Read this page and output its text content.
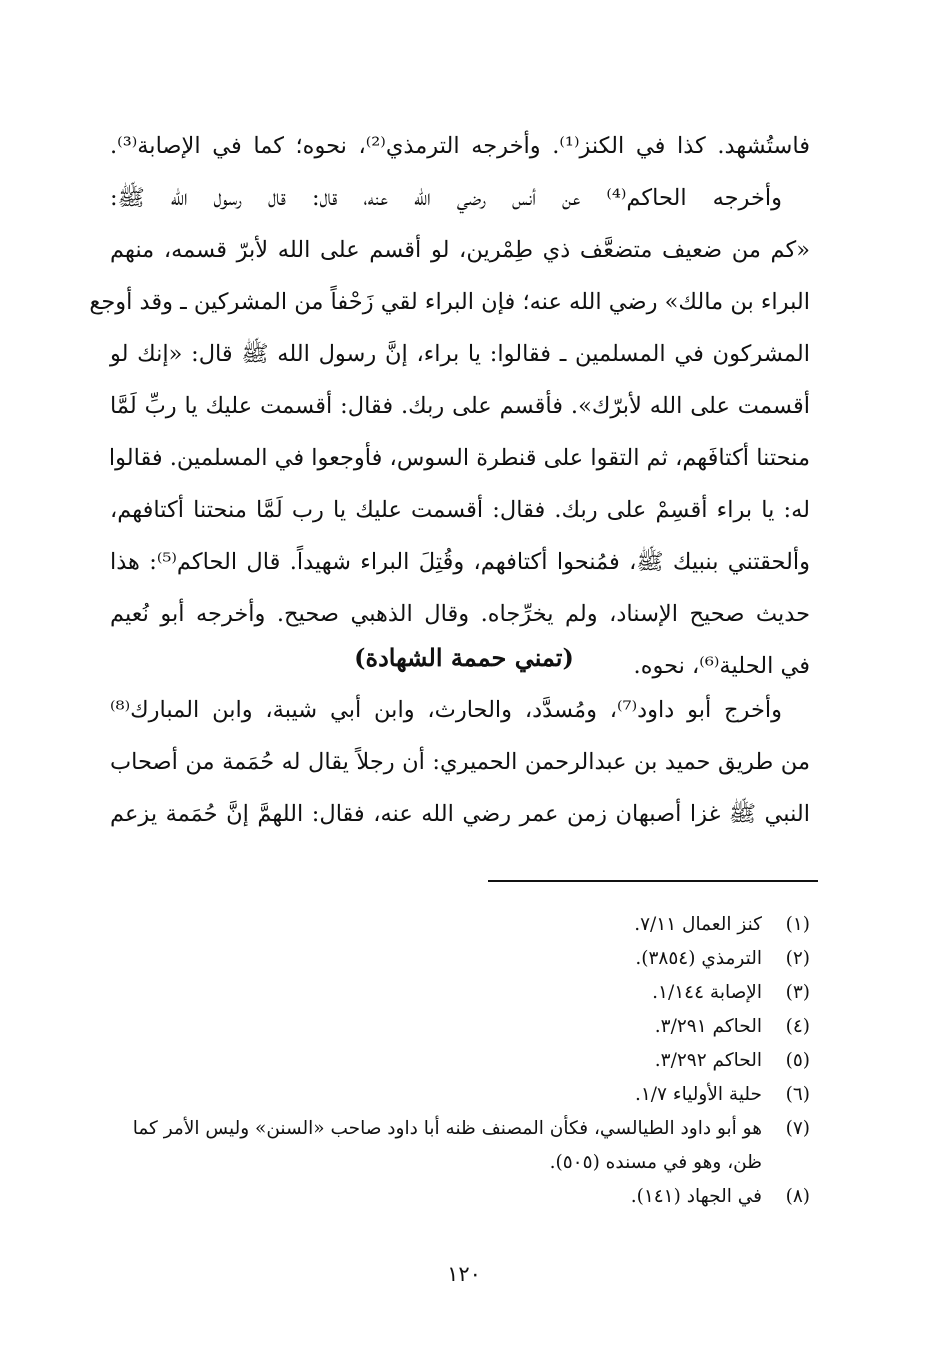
فاستُشهد. كذا في الكنز⁽¹⁾. وأخرجه الترمذي⁽²⁾، نحوه؛ كما في الإصابة⁽³⁾.
وأخرجه الحاكم⁽⁴⁾ عن أنس رضي الله عنه، قال: قال رسول الله ﷺ:
«كم من ضعيف متضعَّف ذي طِمْرين، لو أقسم على الله لأبرّ قسمه، منهم
البراء بن مالك» رضي الله عنه؛ فإن البراء لقي زَحْفاً من المشركين ـ وقد أوجع
المشركون في المسلمين ـ فقالوا: يا براء، إنَّ رسول الله ﷺ قال: «إنك لو
أقسمت على الله لأبرّك». فأقسم على ربك. فقال: أقسمت عليك يا ربِّ لَمَّا
منحتنا أكتافَهم، ثم التقوا على قنطرة السوس، فأوجعوا في المسلمين. فقالوا
له: يا براء أقسِمْ على ربك. فقال: أقسمت عليك يا رب لَمَّا منحتنا أكتافهم،
وألحقتني بنبيك ﷺ، فمُنحوا أكتافهم، وقُتِلَ البراء شهيداً. قال الحاكم⁽⁵⁾: هذا
حديث صحيح الإسناد، ولم يخرِّجاه. وقال الذهبي صحيح. وأخرجه أبو نُعيم
في الحلية⁽⁶⁾، نحوه.
(تمني حممة الشهادة)
وأخرج أبو داود⁽⁷⁾، ومُسدَّد، والحارث، وابن أبي شيبة، وابن المبارك⁽⁸⁾
من طريق حميد بن عبدالرحمن الحميري: أن رجلاً يقال له حُمَمة من أصحاب
النبي ﷺ غزا أصبهان زمن عمر رضي الله عنه، فقال: اللهمَّ إنَّ حُمَمة يزعم
(١)
كنز العمال ٧/١١.
(٢)
الترمذي (٣٨٥٤).
(٣)
الإصابة ١/١٤٤.
(٤)
الحاكم ٣/٢٩١.
(٥)
الحاكم ٣/٢٩٢.
(٦)
حلية الأولياء ١/٧.
(٧)
هو أبو داود الطيالسي، فكأن المصنف ظنه أبا داود صاحب «السنن» وليس الأمر كما ظن، وهو في مسنده (٥٠٥).
(٨)
في الجهاد (١٤١).
١٢٠
